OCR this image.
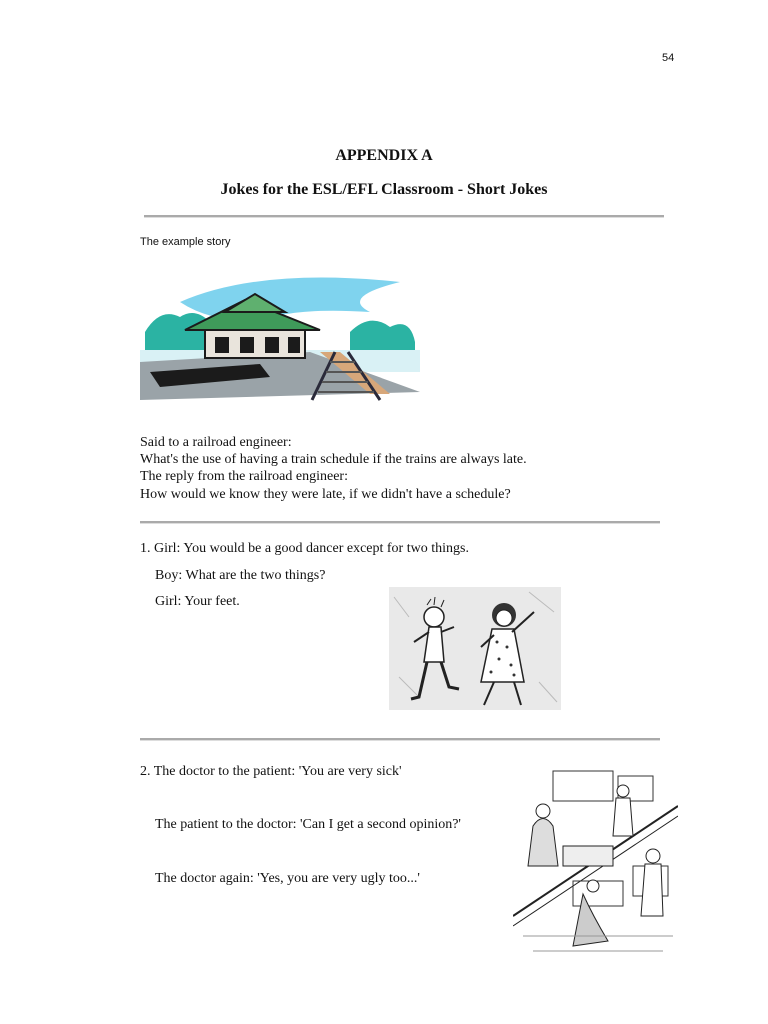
54
APPENDIX A
Jokes for the ESL/EFL Classroom - Short Jokes
The example story
Said to a railroad engineer:
What's the use of having a train schedule if the trains are always late.
The reply from the railroad engineer:
How would we know they were late, if we didn't have a schedule?
1. Girl: You would be a good dancer except for two things.
Boy: What are the two things?
Girl: Your feet.
2. The doctor to the patient: 'You are very sick'
The patient to the doctor: 'Can I get a second opinion?'
The doctor again: 'Yes, you are very ugly too...'
